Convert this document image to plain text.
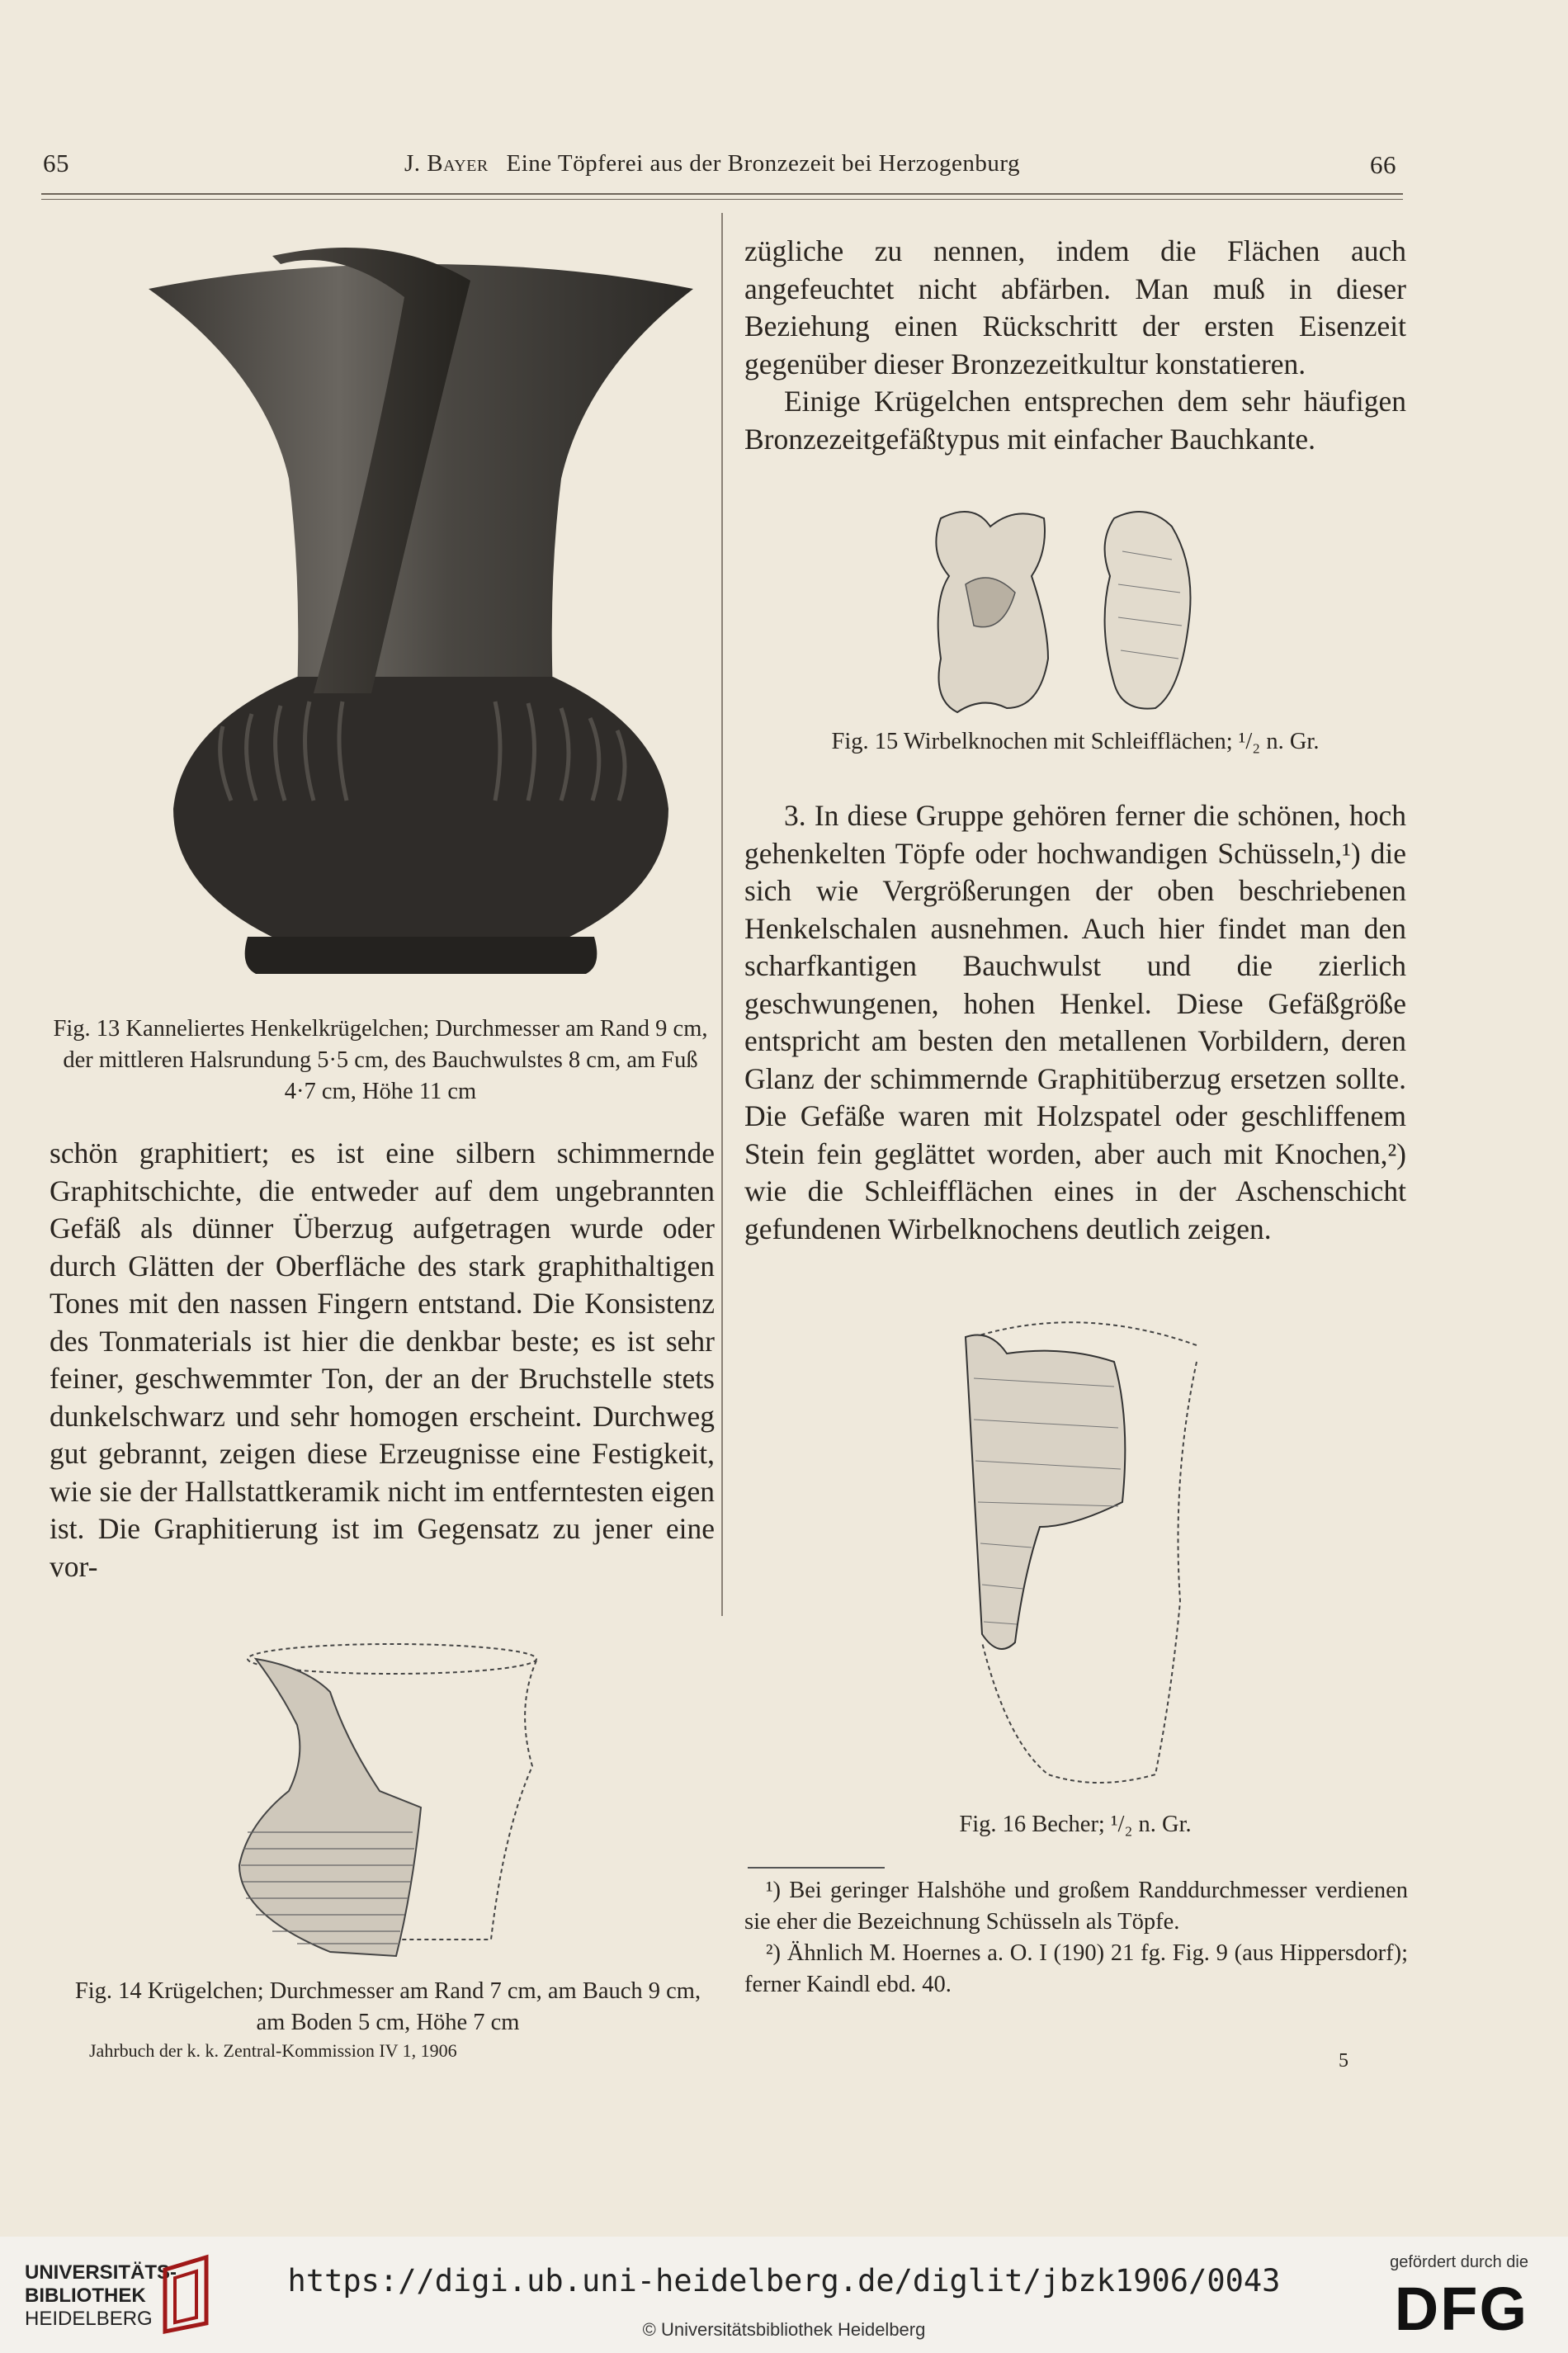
65	J. Bayer Eine Töpferei aus der Bronzezeit bei Herzogenburg	66
Fig. 13 Kanneliertes Henkelkrügelchen; Durchmesser am Rand 9 cm, der mittleren Halsrundung 5·5 cm, des Bauchwulstes 8 cm, am Fuß 4·7 cm, Höhe 11 cm

schön graphitiert; es ist eine silbern schimmernde Graphitschichte, die entweder auf dem ungebrannten Gefäß als dünner Überzug aufgetragen wurde oder durch Glätten der Oberfläche des stark graphithaltigen Tones mit den nassen Fingern entstand. Die Konsistenz des Tonmaterials ist hier die denkbar beste; es ist sehr feiner, geschwemmter Ton, der an der Bruchstelle stets dunkelschwarz und sehr homogen erscheint. Durchweg gut gebrannt, zeigen diese Erzeugnisse eine Festigkeit, wie sie der Hallstattkeramik nicht im entferntesten eigen ist. Die Graphitierung ist im Gegensatz zu jener eine vor-

Fig. 14 Krügelchen; Durchmesser am Rand 7 cm, am Bauch 9 cm, am Boden 5 cm, Höhe 7 cm
Jahrbuch der k. k. Zentral-Kommission IV 1, 1906

zügliche zu nennen, indem die Flächen auch angefeuchtet nicht abfärben. Man muß in dieser Beziehung einen Rückschritt der ersten Eisenzeit gegenüber dieser Bronzezeitkultur konstatieren.

Einige Krügelchen entsprechen dem sehr häufigen Bronzezeitgefäßtypus mit einfacher Bauchkante.

Fig. 15 Wirbelknochen mit Schleifflächen; ¹/₂ n. Gr.

3. In diese Gruppe gehören ferner die schönen, hoch gehenkelten Töpfe oder hochwandigen Schüsseln,¹) die sich wie Vergrößerungen der oben beschriebenen Henkelschalen ausnehmen. Auch hier findet man den scharfkantigen Bauchwulst und die zierlich geschwungenen, hohen Henkel. Diese Gefäßgröße entspricht am besten den metallenen Vorbildern, deren Glanz der schimmernde Graphitüberzug ersetzen sollte. Die Gefäße waren mit Holzspatel oder geschliffenem Stein fein geglättet worden, aber auch mit Knochen,²) wie die Schleifflächen eines in der Aschenschicht gefundenen Wirbelknochens deutlich zeigen.

Fig. 16 Becher; ¹/₂ n. Gr.

¹) Bei geringer Halshöhe und großem Randdurchmesser verdienen sie eher die Bezeichnung Schüsseln als Töpfe.

²) Ähnlich M. Hoernes a. O. I (190) 21 fg. Fig. 9 (aus Hippersdorf); ferner Kaindl ebd. 40.

5
UNIVERSITÄTS-
BIBLIOTHEK
HEIDELBERG
https://digi.ub.uni-heidelberg.de/diglit/jbzk1906/0043
© Universitätsbibliothek Heidelberg
gefördert durch die
DFG
